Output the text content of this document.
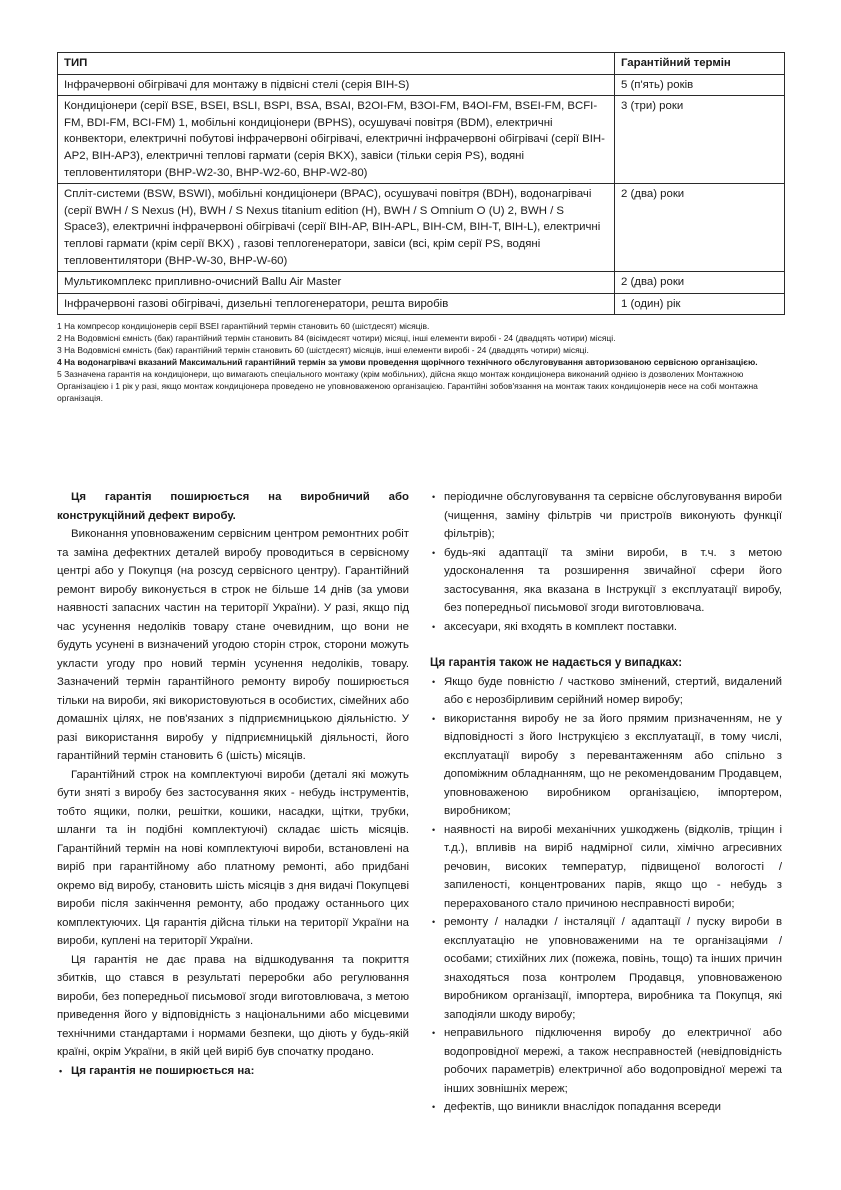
ТИП	Гарантійний термін
Інфрачервоні обігрівачі для монтажу в підвісні стелі (серія BIH-S)	5 (п'ять) років
Кондиціонери (серії BSE, BSEI, BSLI, BSPI, BSA, BSAI, B2OI-FM, B3OI-FM, B4OI-FM, BSEI-FM, BCFI-FM, BDI-FM, BCI-FM) 1, мобільні кондиціонери (BPHS), осушувачі повітря (BDM), електричні конвектори, електричні побутові інфрачервоні обігрівачі, електричні інфрачервоні обігрівачі (серії BIH-AP2, BIH-AP3), електричні теплові гармати (серія BKX), завіси (тільки серія PS), водяні тепловентилятори (BHP-W2-30, BHP-W2-60, BHP-W2-80)	3 (три) роки
Спліт-системи (BSW, BSWI), мобільні кондиціонери (BPAC), осушувачі повітря (BDH), водонагрівачі (серії BWH / S Nexus (H), BWH / S Nexus titanium edition (H), BWH / S Omnium O (U) 2, BWH / S Space3), електричні інфрачервоні обігрівачі (серії BIH-AP, BIH-APL, BIH-CM, BIH-T, BIH-L), електричні теплові гармати (крім серії BKX) , газові теплогенератори, завіси (всі, крім серії PS, водяні тепловентилятори (BHP-W-30, BHP-W-60)	2 (два) роки
Мультикомплекс припливно-очисний Ballu Air Master	2 (два) роки
Інфрачервоні газові обігрівачі, дизельні теплогенератори, решта виробів	1 (один) рік

1 На компресор кондиціонерів серії BSEI гарантійний термін становить 60 (шістдесят) місяців.

2 На Водовмісні ємність (бак) гарантійний термін становить 84 (вісімдесят чотири) місяці, інші елементи виробі - 24 (двадцять чотири) місяці.

3 На Водовмісні ємність (бак) гарантійний термін становить 60 (шістдесят) місяців, інші елементи виробі - 24 (двадцять чотири) місяці.

4 На водонагрівачі вказаний Максимальний гарантійний термін за умови проведення щорічного технічного обслуговування авторизованою сервісною організацією.

5 Зазначена гарантія на кондиціонери, що вимагають спеціального монтажу (крім мобільних), дійсна якщо монтаж кондиціонера виконаний однією із дозволених Монтажною Організацією і 1 рік у разі, якщо монтаж кондиціонера проведено не уповноваженою організацією. Гарантійні зобов'язання на монтаж таких кондиціонерів несе на собі монтажна організація.

Ця гарантія поширюється на виробничий або конструкційний дефект виробу.

Виконання уповноваженим сервісним центром ремонтних робіт та заміна дефектних деталей виробу проводиться в сервісному центрі або у Покупця (на розсуд сервісного центру). Гарантійний ремонт виробу виконується в строк не більше 14 днів (за умови наявності запасних частин на території України). У разі, якщо під час усунення недоліків товару стане очевидним, що вони не будуть усунені в визначений угодою сторін строк, сторони можуть укласти угоду про новий термін усунення недоліків, товару. Зазначений термін гарантійного ремонту виробу поширюється тільки на вироби, які використовуються в особистих, сімейних або домашніх цілях, не пов'язаних з підприємницькою діяльністю. У разі використання виробу у підприємницькій діяльності, його гарантійний термін становить 6 (шість) місяців.

Гарантійний строк на комплектуючі вироби (деталі які можуть бути зняті з виробу без застосування яких - небудь інструментів, тобто ящики, полки, решітки, кошики, насадки, щітки, трубки, шланги та ін подібні комплектуючі) складає шість місяців. Гарантійний термін на нові комплектуючі вироби, встановлені на виріб при гарантійному або платному ремонті, або придбані окремо від виробу, становить шість місяців з дня видачі Покупцеві вироби після закінчення ремонту, або продажу останнього цих комплектуючих. Ця гарантія дійсна тільки на території України на вироби, куплені на території України.

Ця гарантія не дає права на відшкодування та покриття збитків, що стався в результаті переробки або регулювання вироби, без попередньої письмової згоди виготовлювача, з метою приведення його у відповідність з національними або місцевими технічними стандартами і нормами безпеки, що діють у будь-якій країні, окрім України, в якій цей виріб був спочатку продано.

• Ця гарантія не поширюється на:
• періодичне обслуговування та сервісне обслуговування вироби (чищення, заміну фільтрів чи пристроїв виконують функції фільтрів);
• будь-які адаптації та зміни вироби, в т.ч. з метою удосконалення та розширення звичайної сфери його застосування, яка вказана в Інструкції з експлуатації виробу, без попередньої письмової згоди виготовлювача.
• аксесуари, які входять в комплект поставки.
Ця гарантія також не надається у випадках:
• Якщо буде повністю / частково змінений, стертий, видалений або є нерозбірливим серійний номер виробу;
• використання виробу не за його прямим призначенням, не у відповідності з його Інструкцією з експлуатації, в тому числі, експлуатації виробу з перевантаженням або спільно з допоміжним обладнанням, що не рекомендованим Продавцем, уповноваженою виробником організацією, імпортером, виробником;
• наявності на виробі механічних ушкоджень (відколів, тріщин і т.д.), впливів на виріб надмірної сили, хімічно агресивних речовин, високих температур, підвищеної вологості / запиленості, концентрованих парів, якщо що - небудь з перерахованого стало причиною несправності вироби;
• ремонту / наладки / інсталяції / адаптації / пуску вироби в експлуатацію не уповноваженими на те організаціями / особами; стихійних лих (пожежа, повінь, тощо) та інших причин знаходяться поза контролем Продавця, уповноваженою виробником організації, імпортера, виробника та Покупця, які заподіяли шкоду виробу;
• неправильного підключення виробу до електричної або водопровідної мережі, а також несправностей (невідповідність робочих параметрів) електричної або водопровідної мережі та інших зовнішніх мереж;
• дефектів, що виникли внаслідок попадання всереди
